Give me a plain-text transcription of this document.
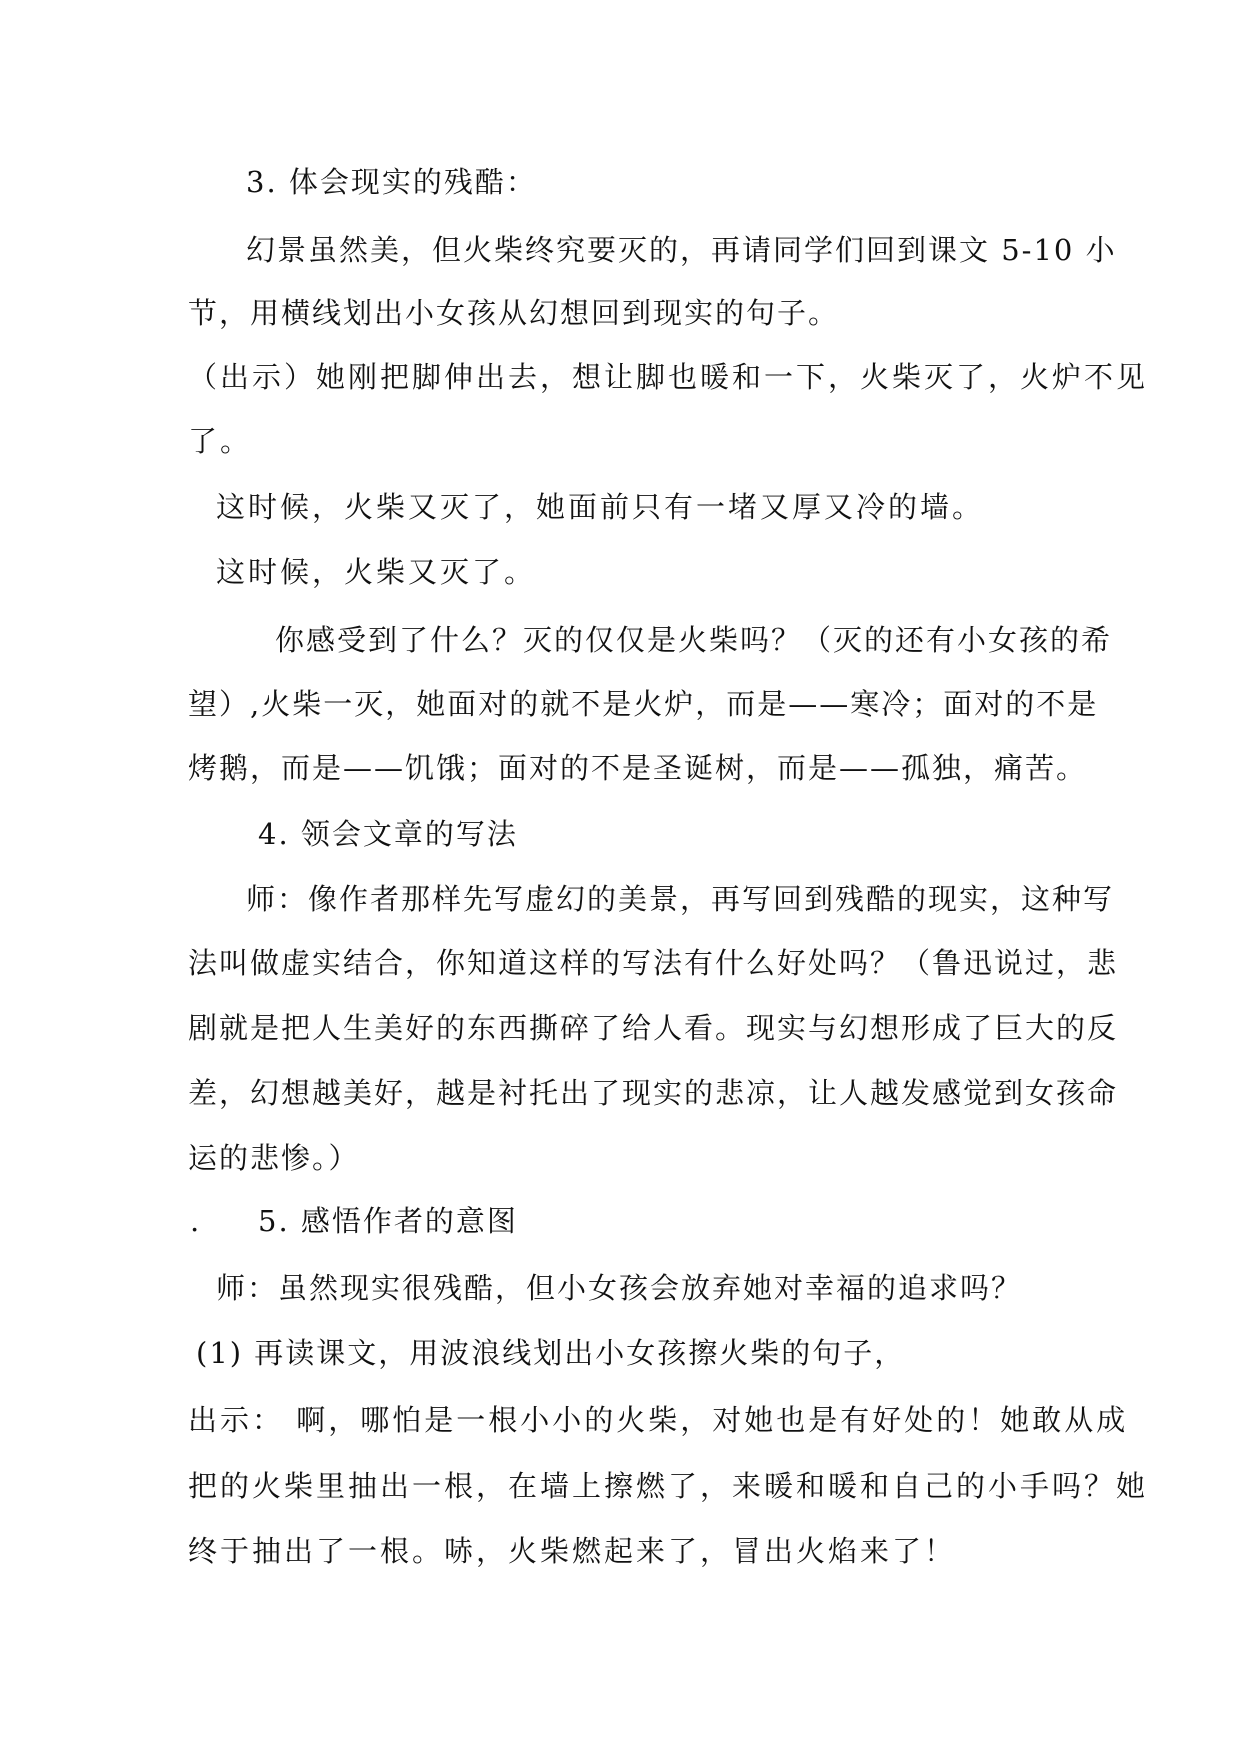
3. 体会现实的残酷：
幻景虽然美，但火柴终究要灭的，再请同学们回到课文 5-10 小
节，用横线划出小女孩从幻想回到现实的句子。
（出示）她刚把脚伸出去，想让脚也暖和一下，火柴灭了，火炉不见
了。
这时候，火柴又灭了，她面前只有一堵又厚又冷的墙。
这时候，火柴又灭了。
你感受到了什么？灭的仅仅是火柴吗？（灭的还有小女孩的希
望）,火柴一灭，她面对的就不是火炉，而是——寒冷；面对的不是
烤鹅，而是——饥饿；面对的不是圣诞树，而是——孤独，痛苦。
4. 领会文章的写法
师：像作者那样先写虚幻的美景，再写回到残酷的现实，这种写
法叫做虚实结合，你知道这样的写法有什么好处吗？（鲁迅说过，悲
剧就是把人生美好的东西撕碎了给人看。现实与幻想形成了巨大的反
差，幻想越美好，越是衬托出了现实的悲凉，让人越发感觉到女孩命
运的悲惨。）
. 5. 感悟作者的意图
师：虽然现实很残酷，但小女孩会放弃她对幸福的追求吗？
(1) 再读课文，用波浪线划出小女孩擦火柴的句子，
出示： 啊，哪怕是一根小小的火柴，对她也是有好处的！她敢从成
把的火柴里抽出一根，在墙上擦燃了，来暖和暖和自己的小手吗？她
终于抽出了一根。哧，火柴燃起来了，冒出火焰来了！
